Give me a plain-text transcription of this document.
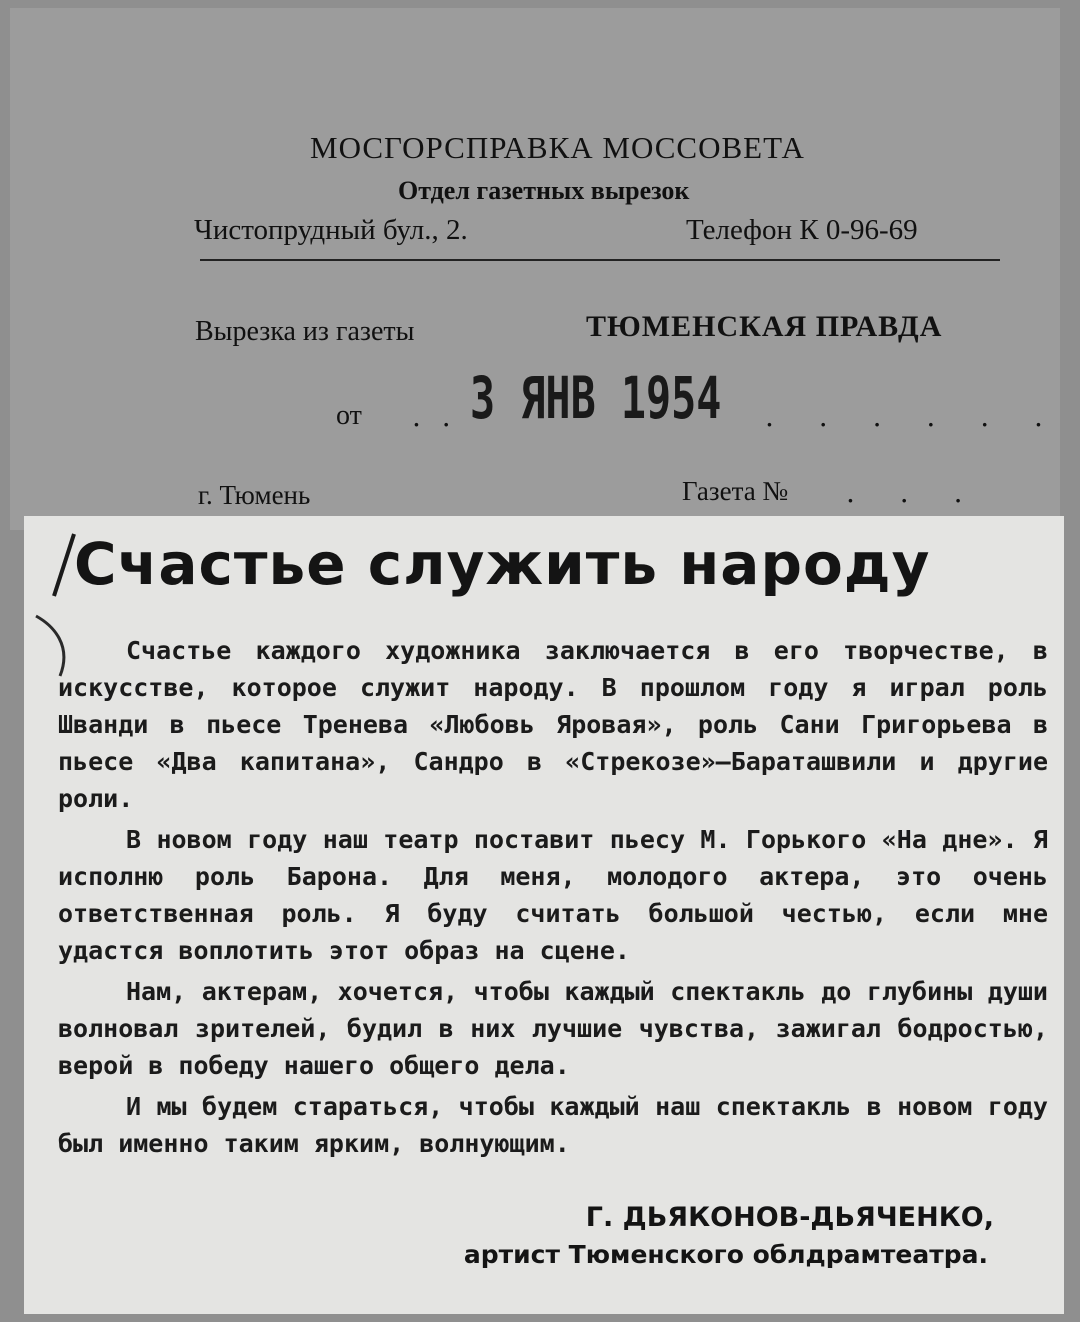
МОСГОРСПРАВКА МОССОВЕТА
Отдел газетных вырезок
Чистопрудный бул., 2.	Телефон К 0-96-69
Вырезка из газеты	ТЮМЕНСКАЯ ПРАВДА
от . . 3 ЯНВ 1954 . . . . . .
г. Тюмень	Газета № . . .
Счастье служить народу

Счастье каждого художника заключается в его творчестве, в искусстве, которое служит народу. В прошлом году я играл роль Шванди в пьесе Тренева «Любовь Яровая», роль Сани Григорьева в пьесе «Два капитана», Сандро в «Стрекозе»—Бараташвили и другие роли.

В новом году наш театр поставит пьесу М. Горького «На дне». Я исполню роль Барона. Для меня, молодого актера, это очень ответственная роль. Я буду считать большой честью, если мне удастся воплотить этот образ на сцене.

Нам, актерам, хочется, чтобы каждый спектакль до глубины души волновал зрителей, будил в них лучшие чувства, зажигал бодростью, верой в победу нашего общего дела.

И мы будем стараться, чтобы каждый наш спектакль в новом году был именно таким ярким, волнующим.

Г. ДЬЯКОНОВ-ДЬЯЧЕНКО,
артист Тюменского облдрамтеатра.
